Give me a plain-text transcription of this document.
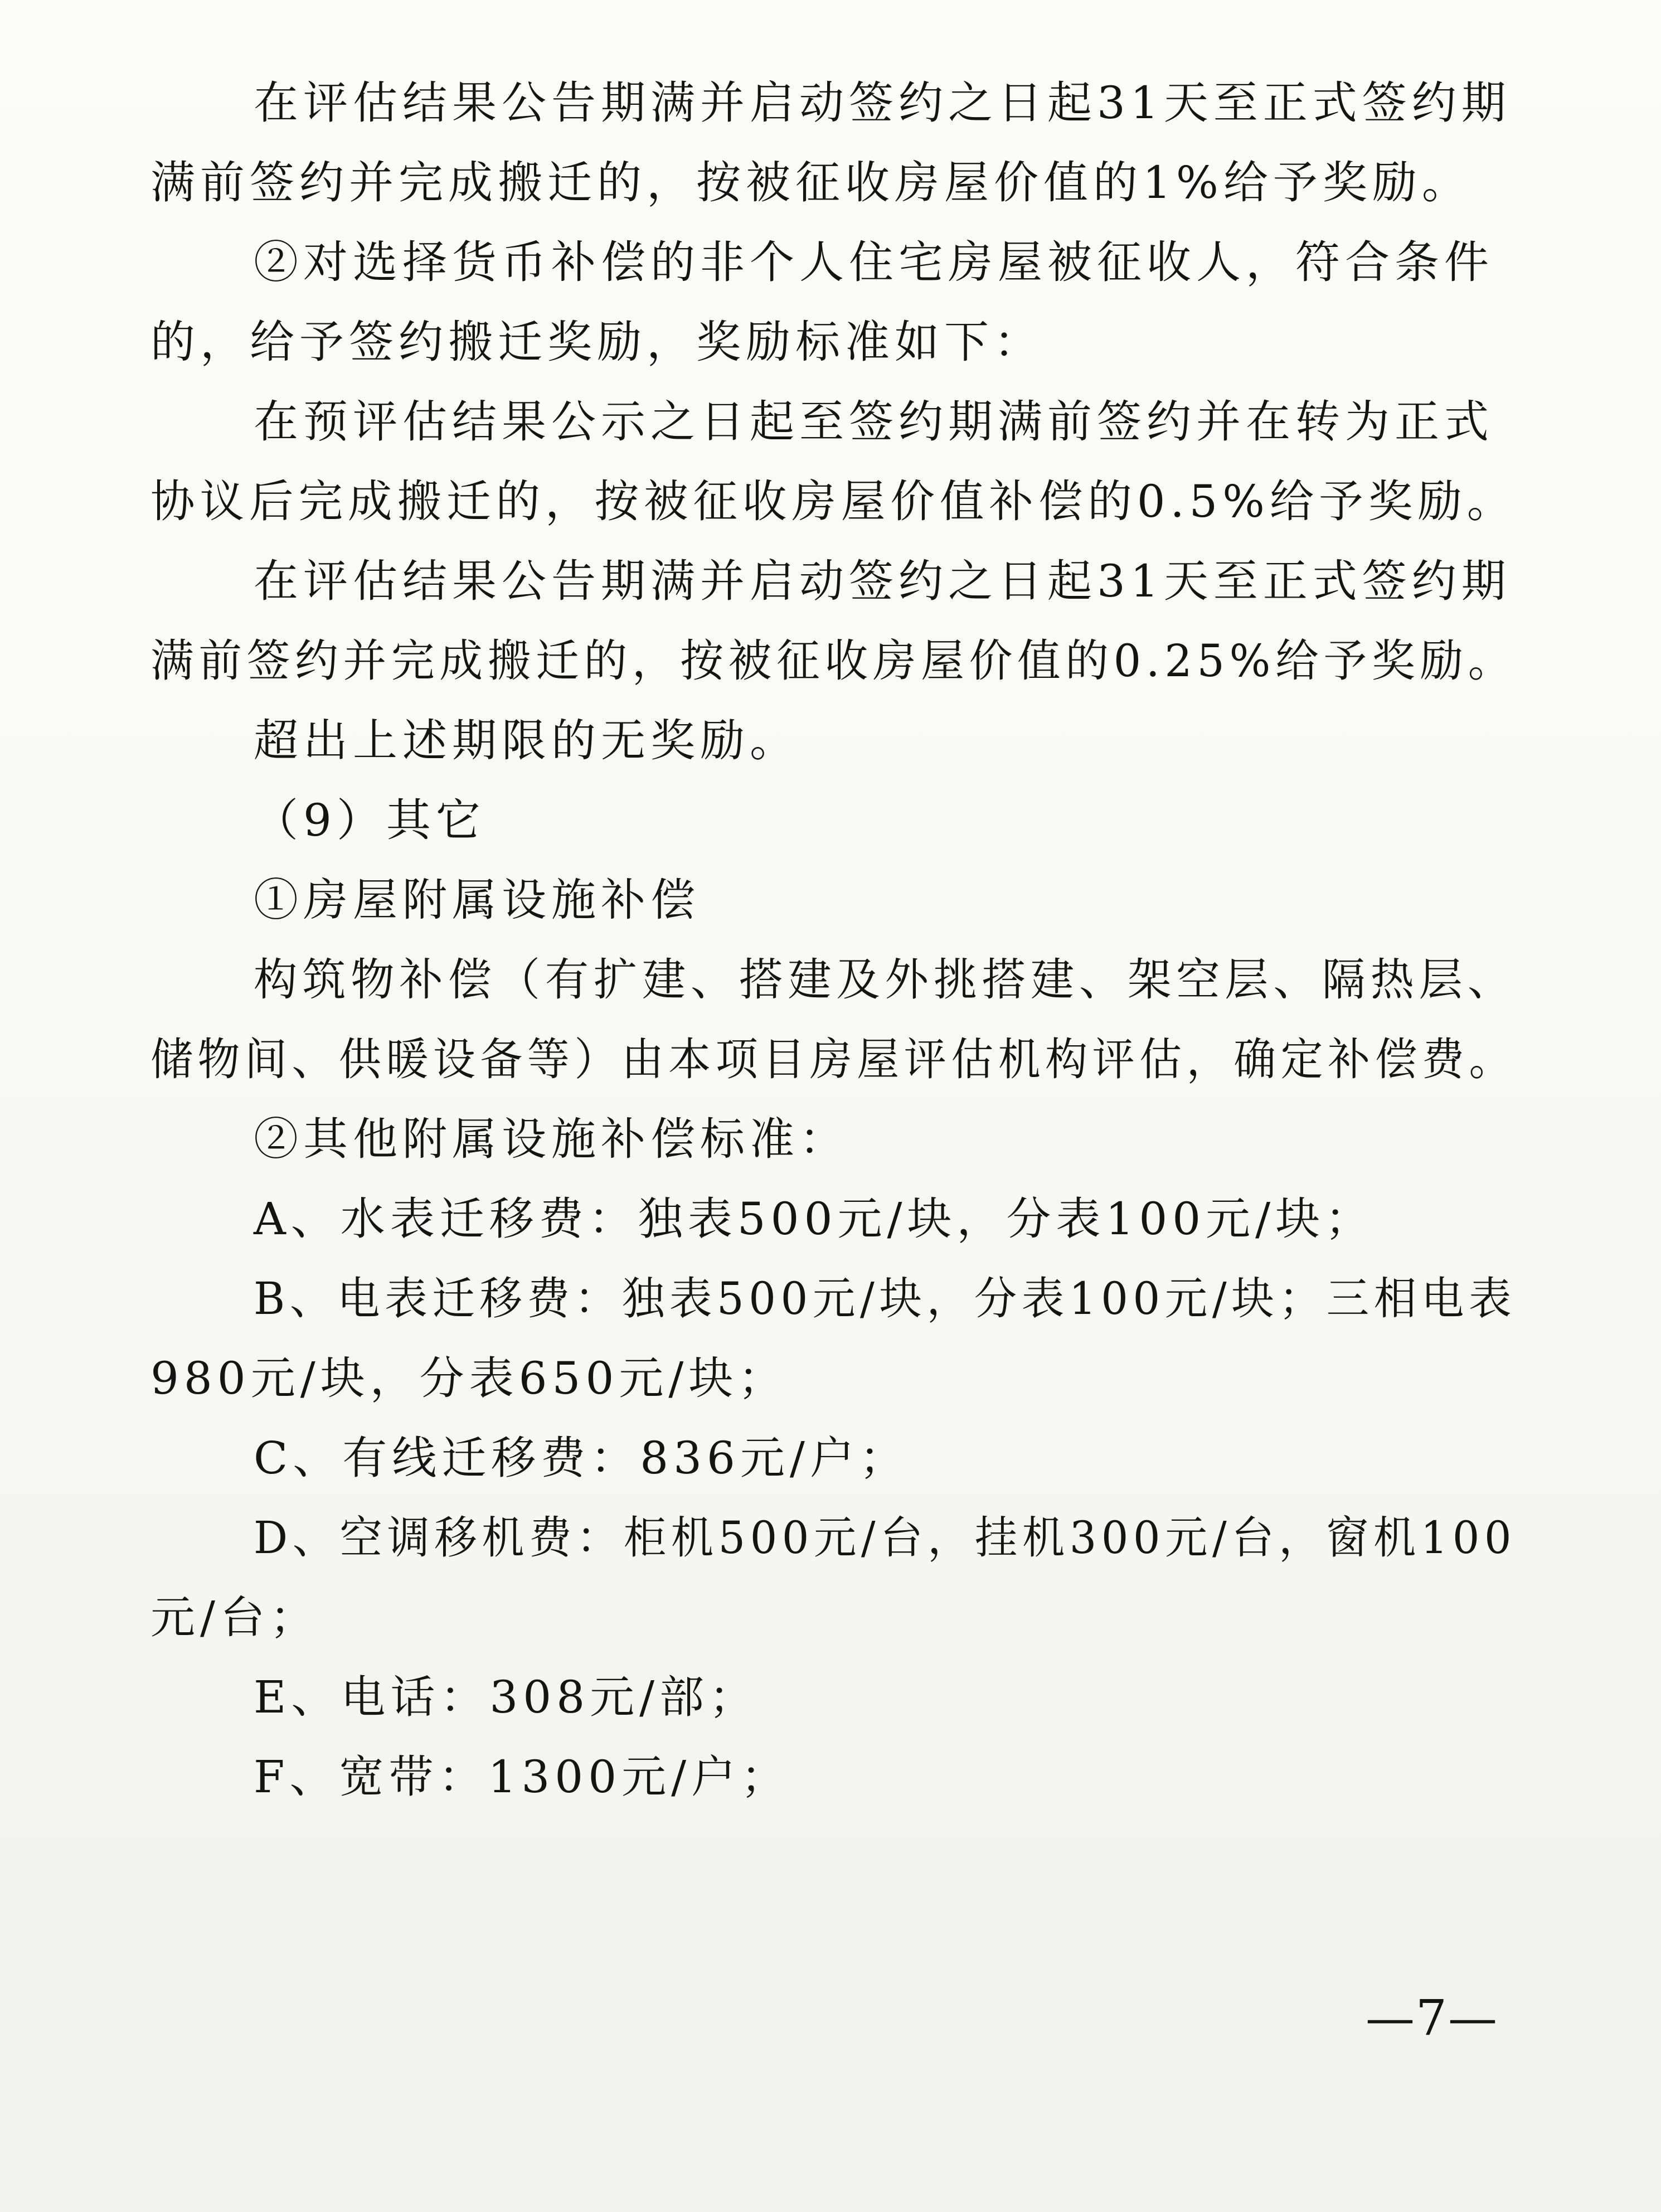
在评估结果公告期满并启动签约之日起31天至正式签约期
满前签约并完成搬迁的，按被征收房屋价值的1%给予奖励。
②对选择货币补偿的非个人住宅房屋被征收人，符合条件
的，给予签约搬迁奖励，奖励标准如下：
在预评估结果公示之日起至签约期满前签约并在转为正式
协议后完成搬迁的，按被征收房屋价值补偿的0.5%给予奖励。
在评估结果公告期满并启动签约之日起31天至正式签约期
满前签约并完成搬迁的，按被征收房屋价值的0.25%给予奖励。
超出上述期限的无奖励。
（9）其它
①房屋附属设施补偿
构筑物补偿（有扩建、搭建及外挑搭建、架空层、隔热层、
储物间、供暖设备等）由本项目房屋评估机构评估，确定补偿费。
②其他附属设施补偿标准：
A、水表迁移费：独表500元/块，分表100元/块；
B、电表迁移费：独表500元/块，分表100元/块；三相电表
980元/块，分表650元/块；
C、有线迁移费：836元/户；
D、空调移机费：柜机500元/台，挂机300元/台，窗机100
元/台；
E、电话：308元/部；
F、宽带：1300元/户；
—7—
